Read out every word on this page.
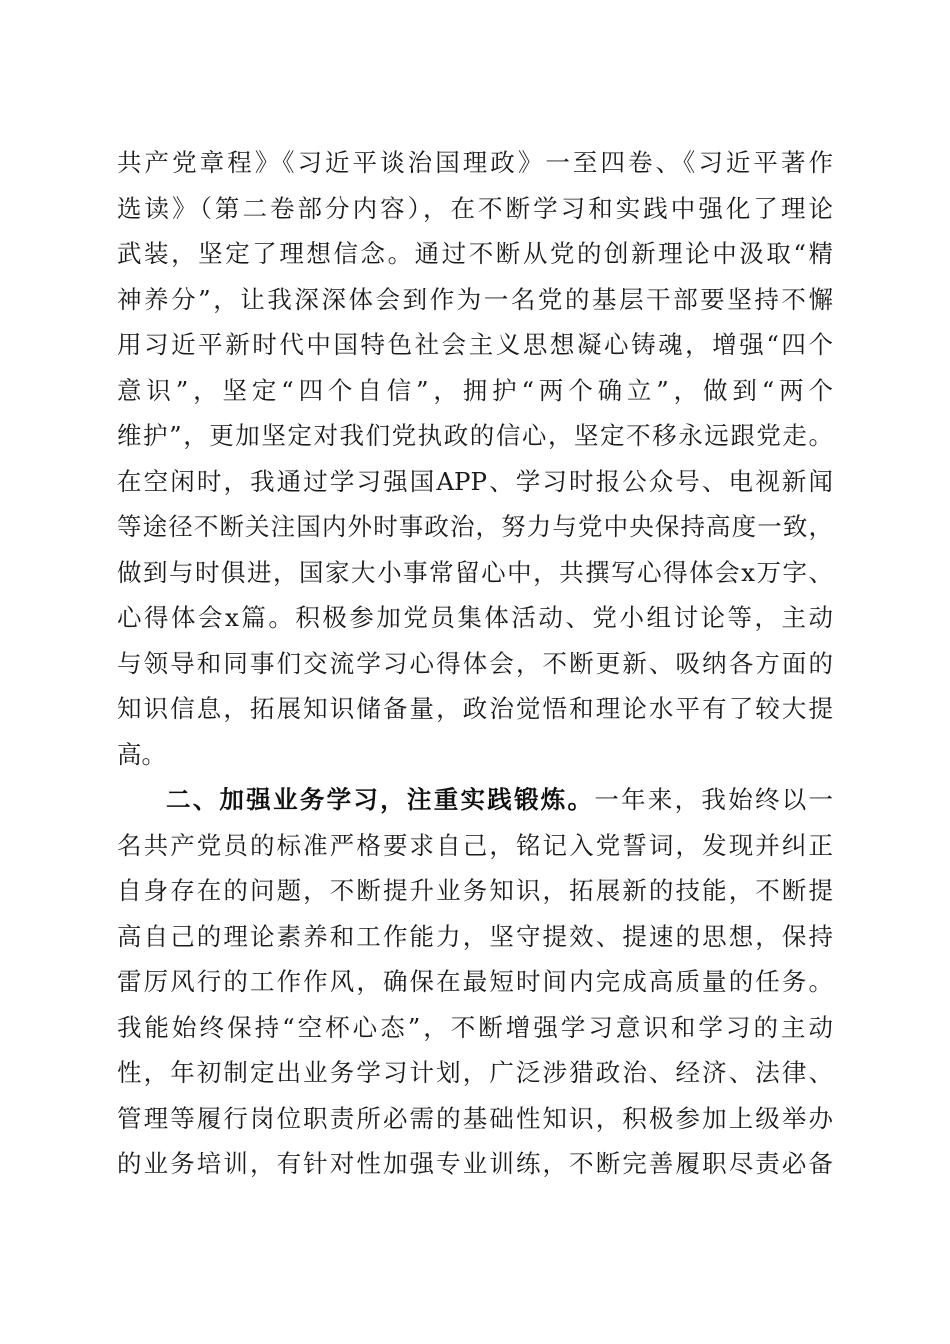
共产党章程》《习近平谈治国理政》一至四卷、《习近平著作
选读》（第二卷部分内容），在不断学习和实践中强化了理论
武装，坚定了理想信念。通过不断从党的创新理论中汲取“精
神养分”，让我深深体会到作为一名党的基层干部要坚持不懈
用习近平新时代中国特色社会主义思想凝心铸魂，增强“四个
意识”，坚定“四个自信”，拥护“两个确立”，做到“两个
维护”，更加坚定对我们党执政的信心，坚定不移永远跟党走。
在空闲时，我通过学习强国APP、学习时报公众号、电视新闻
等途径不断关注国内外时事政治，努力与党中央保持高度一致，
做到与时俱进，国家大小事常留心中，共撰写心得体会x万字、
心得体会x篇。积极参加党员集体活动、党小组讨论等，主动
与领导和同事们交流学习心得体会，不断更新、吸纳各方面的
知识信息，拓展知识储备量，政治觉悟和理论水平有了较大提
高。
二、加强业务学习，注重实践锻炼。一年来，我始终以一
名共产党员的标准严格要求自己，铭记入党誓词，发现并纠正
自身存在的问题，不断提升业务知识，拓展新的技能，不断提
高自己的理论素养和工作能力，坚守提效、提速的思想，保持
雷厉风行的工作作风，确保在最短时间内完成高质量的任务。
我能始终保持“空杯心态”，不断增强学习意识和学习的主动
性，年初制定出业务学习计划，广泛涉猎政治、经济、法律、
管理等履行岗位职责所必需的基础性知识，积极参加上级举办
的业务培训，有针对性加强专业训练，不断完善履职尽责必备
